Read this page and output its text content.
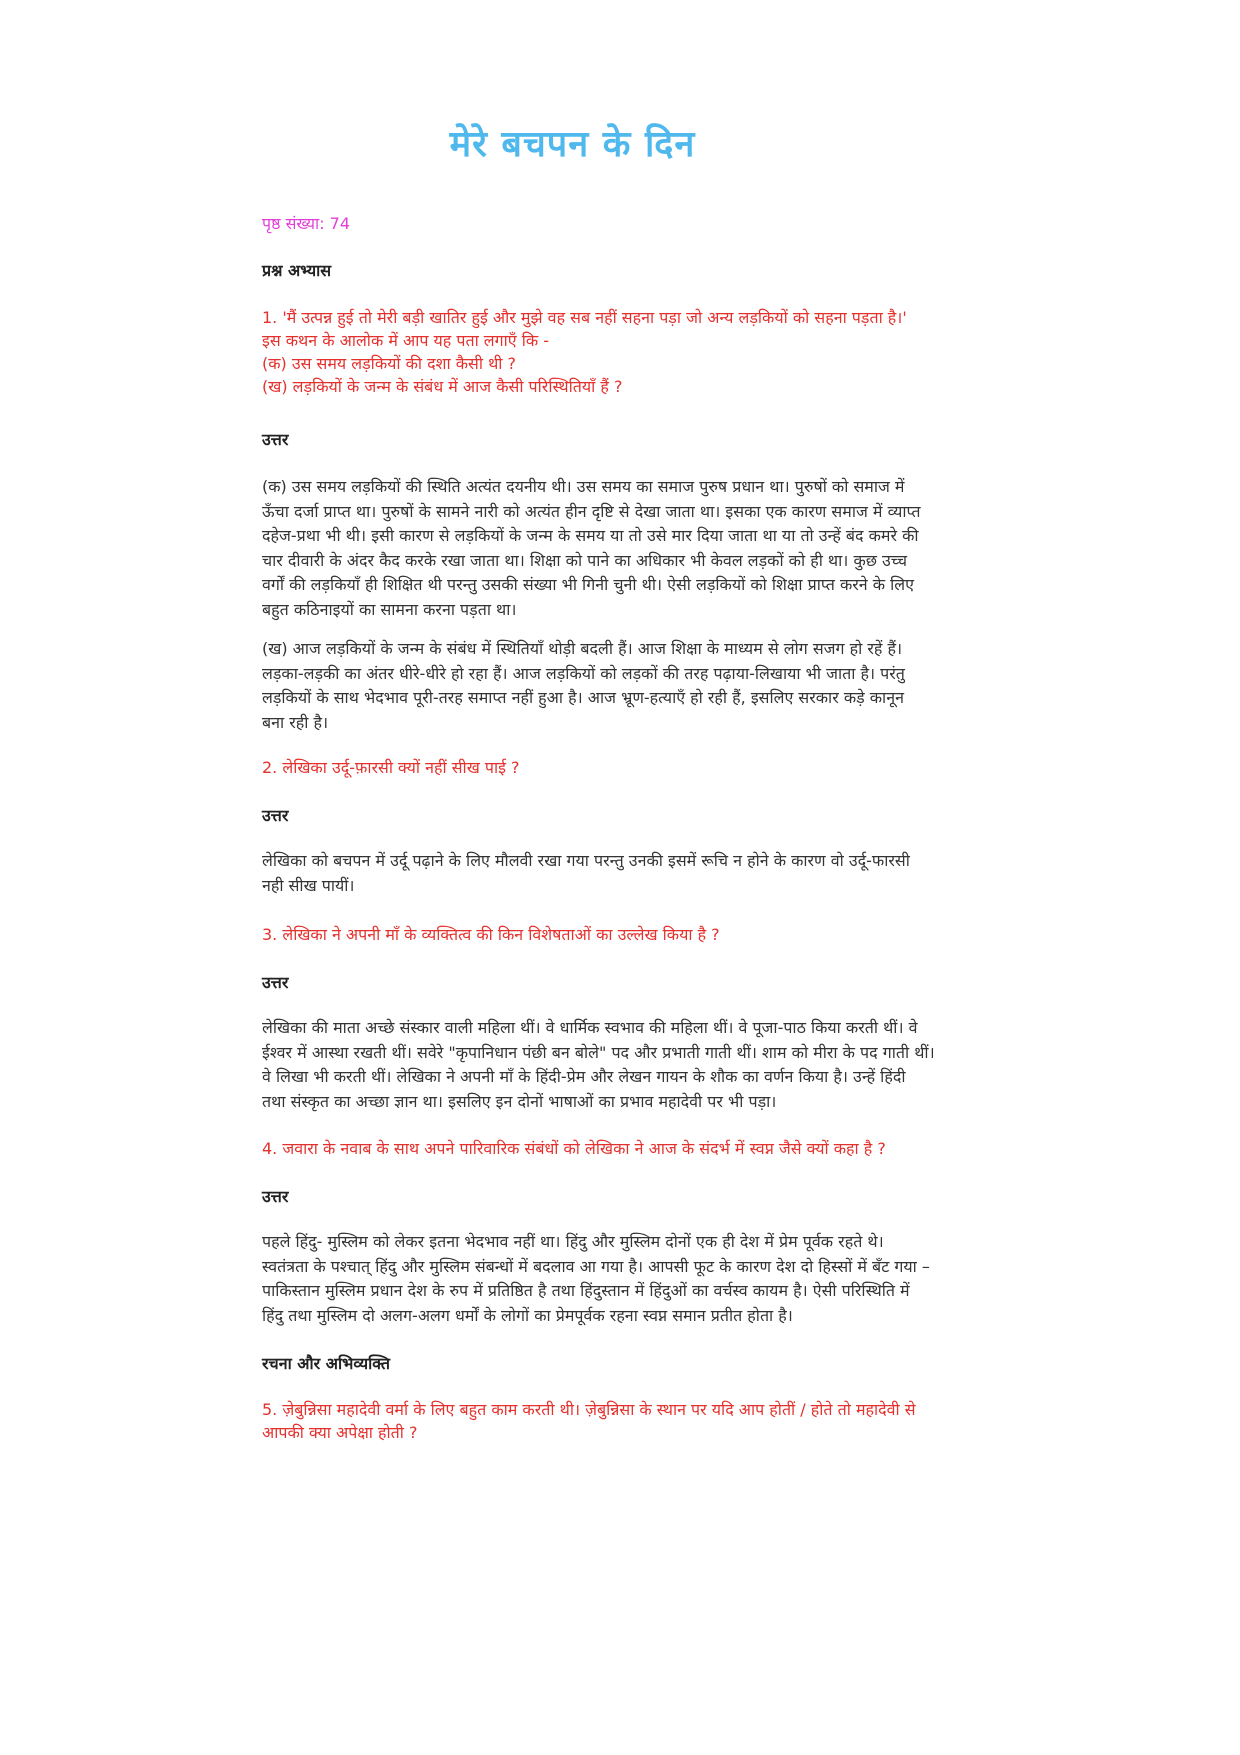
मेरे बचपन के दिन
पृष्ठ संख्या: 74
प्रश्न अभ्यास
1. 'मैं उत्पन्न हुई तो मेरी बड़ी खातिर हुई और मुझे वह सब नहीं सहना पड़ा जो अन्य लड़कियों को सहना पड़ता है।'
इस कथन के आलोक में आप यह पता लगाएँ कि -
(क) उस समय लड़कियों की दशा कैसी थी ?
(ख) लड़कियों के जन्म के संबंध में आज कैसी परिस्थितियाँ हैं ?
उत्तर
(क) उस समय लड़कियों की स्थिति अत्यंत दयनीय थी। उस समय का समाज पुरुष प्रधान था। पुरुषों को समाज में
ऊँचा दर्जा प्राप्त था। पुरुषों के सामने नारी को अत्यंत हीन दृष्टि से देखा जाता था। इसका एक कारण समाज में व्याप्त
दहेज-प्रथा भी थी। इसी कारण से लड़कियों के जन्म के समय या तो उसे मार दिया जाता था या तो उन्हें बंद कमरे की
चार दीवारी के अंदर कैद करके रखा जाता था। शिक्षा को पाने का अधिकार भी केवल लड़कों को ही था। कुछ उच्च
वर्गों की लड़कियाँ ही शिक्षित थी परन्तु उसकी संख्या भी गिनी चुनी थी। ऐसी लड़कियों को शिक्षा प्राप्त करने के लिए
बहुत कठिनाइयों का सामना करना पड़ता था।
(ख) आज लड़कियों के जन्म के संबंध में स्थितियाँ थोड़ी बदली हैं। आज शिक्षा के माध्यम से लोग सजग हो रहें हैं।
लड़का-लड़की का अंतर धीरे-धीरे हो रहा हैं। आज लड़कियों को लड़कों की तरह पढ़ाया-लिखाया भी जाता है। परंतु
लड़कियों के साथ भेदभाव पूरी-तरह समाप्त नहीं हुआ है। आज भ्रूण-हत्याएँ हो रही हैं, इसलिए सरकार कड़े कानून
बना रही है।
2. लेखिका उर्दू-फ़ारसी क्यों नहीं सीख पाई ?
उत्तर
लेखिका को बचपन में उर्दू पढ़ाने के लिए मौलवी रखा गया परन्तु उनकी इसमें रूचि न होने के कारण वो उर्दू-फारसी
नही सीख पायीं।
3. लेखिका ने अपनी माँ के व्यक्तित्व की किन विशेषताओं का उल्लेख किया है ?
उत्तर
लेखिका की माता अच्छे संस्कार वाली महिला थीं। वे धार्मिक स्वभाव की महिला थीं। वे पूजा-पाठ किया करती थीं। वे
ईश्वर में आस्था रखती थीं। सवेरे "कृपानिधान पंछी बन बोले" पद और प्रभाती गाती थीं। शाम को मीरा के पद गाती थीं।
वे लिखा भी करती थीं। लेखिका ने अपनी माँ के हिंदी-प्रेम और लेखन गायन के शौक का वर्णन किया है। उन्हें हिंदी
तथा संस्कृत का अच्छा ज्ञान था। इसलिए इन दोनों भाषाओं का प्रभाव महादेवी पर भी पड़ा।
4. जवारा के नवाब के साथ अपने पारिवारिक संबंधों को लेखिका ने आज के संदर्भ में स्वप्न जैसे क्यों कहा है ?
उत्तर
पहले हिंदु- मुस्लिम को लेकर इतना भेदभाव नहीं था। हिंदु और मुस्लिम दोनों एक ही देश में प्रेम पूर्वक रहते थे।
स्वतंत्रता के पश्चात् हिंदु और मुस्लिम संबन्धों में बदलाव आ गया है। आपसी फूट के कारण देश दो हिस्सों में बँट गया –
पाकिस्तान मुस्लिम प्रधान देश के रुप में प्रतिष्ठित है तथा हिंदुस्तान में हिंदुओं का वर्चस्व कायम है। ऐसी परिस्थिति में
हिंदु तथा मुस्लिम दो अलग-अलग धर्मों के लोगों का प्रेमपूर्वक रहना स्वप्न समान प्रतीत होता है।
रचना और अभिव्यक्ति
5. ज़ेबुन्निसा महादेवी वर्मा के लिए बहुत काम करती थी। ज़ेबुन्निसा के स्थान पर यदि आप होतीं / होते तो महादेवी से
आपकी क्या अपेक्षा होती ?
